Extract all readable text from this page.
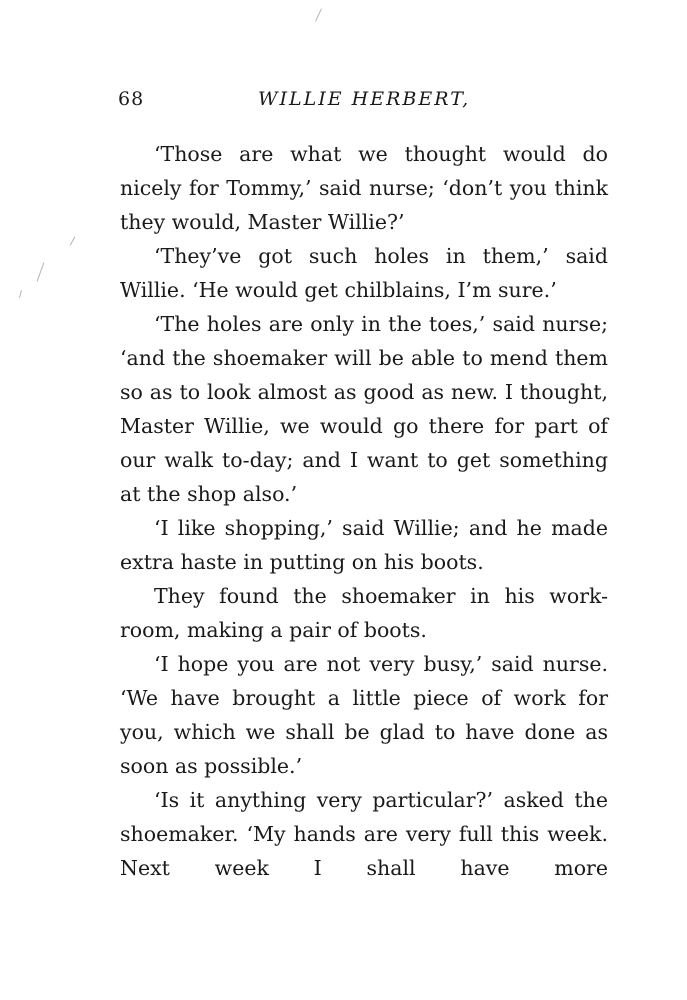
68	WILLIE HERBERT,

‘Those are what we thought would do nicely for Tommy,’ said nurse; ‘don’t you think they would, Master Willie?’

‘They’ve got such holes in them,’ said Willie. ‘He would get chilblains, I’m sure.’

‘The holes are only in the toes,’ said nurse; ‘and the shoemaker will be able to mend them so as to look almost as good as new. I thought, Master Willie, we would go there for part of our walk to-day; and I want to get something at the shop also.’

‘I like shopping,’ said Willie; and he made extra haste in putting on his boots.

They found the shoemaker in his work-room, making a pair of boots.

‘I hope you are not very busy,’ said nurse. ‘We have brought a little piece of work for you, which we shall be glad to have done as soon as possible.’

‘Is it anything very particular?’ asked the shoemaker. ‘My hands are very full this week. Next week I shall have more
